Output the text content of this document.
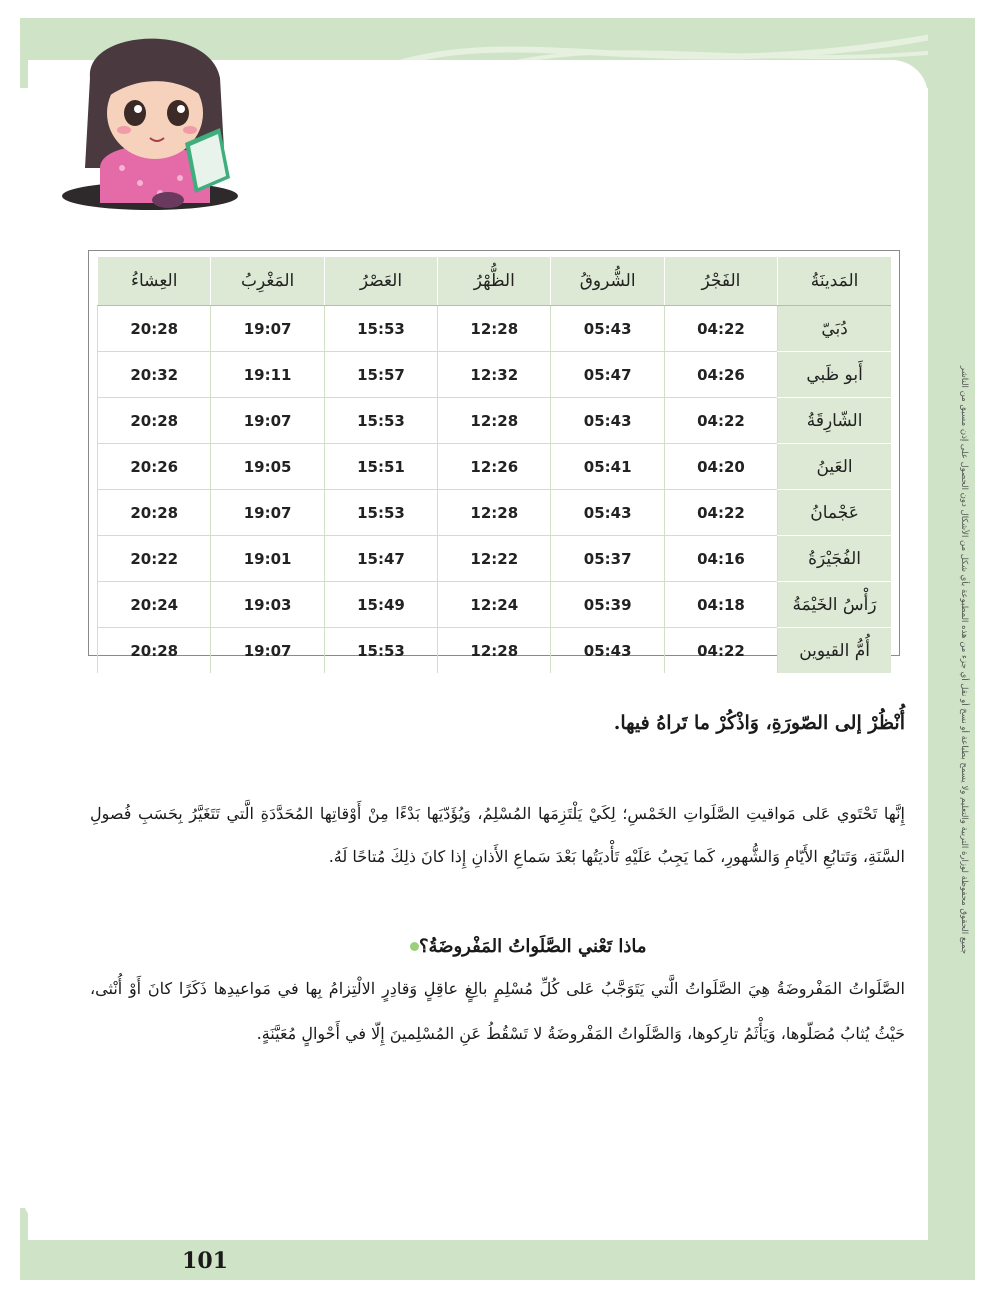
جميع الحقوق محفوظة لوزارة التربية والتعليم ولا يسمح بطباعة أو نسخ أو نقل أي جزء من هذه المطبوعة بأي شكل من الأشكال دون الحصول على إذن مسبق من الناشر
المَدينَةُ	الفَجْرُ	الشُّروقُ	الظُّهْرُ	العَصْرُ	المَغْرِبُ	العِشاءُ
دُبَيّ	04:22	05:43	12:28	15:53	19:07	20:28
أَبو ظَبي	04:26	05:47	12:32	15:57	19:11	20:32
الشّارِقَةُ	04:22	05:43	12:28	15:53	19:07	20:28
العَينُ	04:20	05:41	12:26	15:51	19:05	20:26
عَجْمانُ	04:22	05:43	12:28	15:53	19:07	20:28
الفُجَيْرَةُ	04:16	05:37	12:22	15:47	19:01	20:22
رَأْسُ الخَيْمَةُ	04:18	05:39	12:24	15:49	19:03	20:24
أُمُّ القيوين	04:22	05:43	12:28	15:53	19:07	20:28
أُنْظُرْ إلى الصّورَةِ، وَاذْكُرْ ما تَراهُ فيها.
إِنَّها تَحْتَوي عَلى مَواقيتِ الصَّلَواتِ الخَمْسِ؛ لِكَيْ يَلْتَزِمَها المُسْلِمُ، وَيُؤَدّيَها بَدْءًا مِنْ أَوْقاتِها المُحَدَّدَةِ الَّتي تَتَغَيَّرُ بِحَسَبِ فُصولِ السَّنَةِ، وَتَتابُعِ الأَيّامِ وَالشُّهورِ، كَما يَجِبُ عَلَيْهِ تَأْديَتُها بَعْدَ سَماعِ الأَذانِ إِذا كانَ ذلِكَ مُتاحًا لَهُ.
ماذا تَعْني الصَّلَواتُ المَفْروضَةُ؟
الصَّلَواتُ المَفْروضَةُ هِيَ الصَّلَواتُ الَّتي يَتَوَجَّبُ عَلى كُلِّ مُسْلِمٍ بالِغٍ عاقِلٍ وَقادِرٍ الالْتِزامُ بِها في مَواعيدِها ذَكَرًا كانَ أَوْ أُنْثى، حَيْثُ يُثابُ مُصَلّوها، وَيَأْثَمُ تارِكوها، وَالصَّلَواتُ المَفْروضَةُ لا تَسْقُطُ عَنِ المُسْلِمينَ إِلّا في أَحْوالٍ مُعَيَّنَةٍ.
101
